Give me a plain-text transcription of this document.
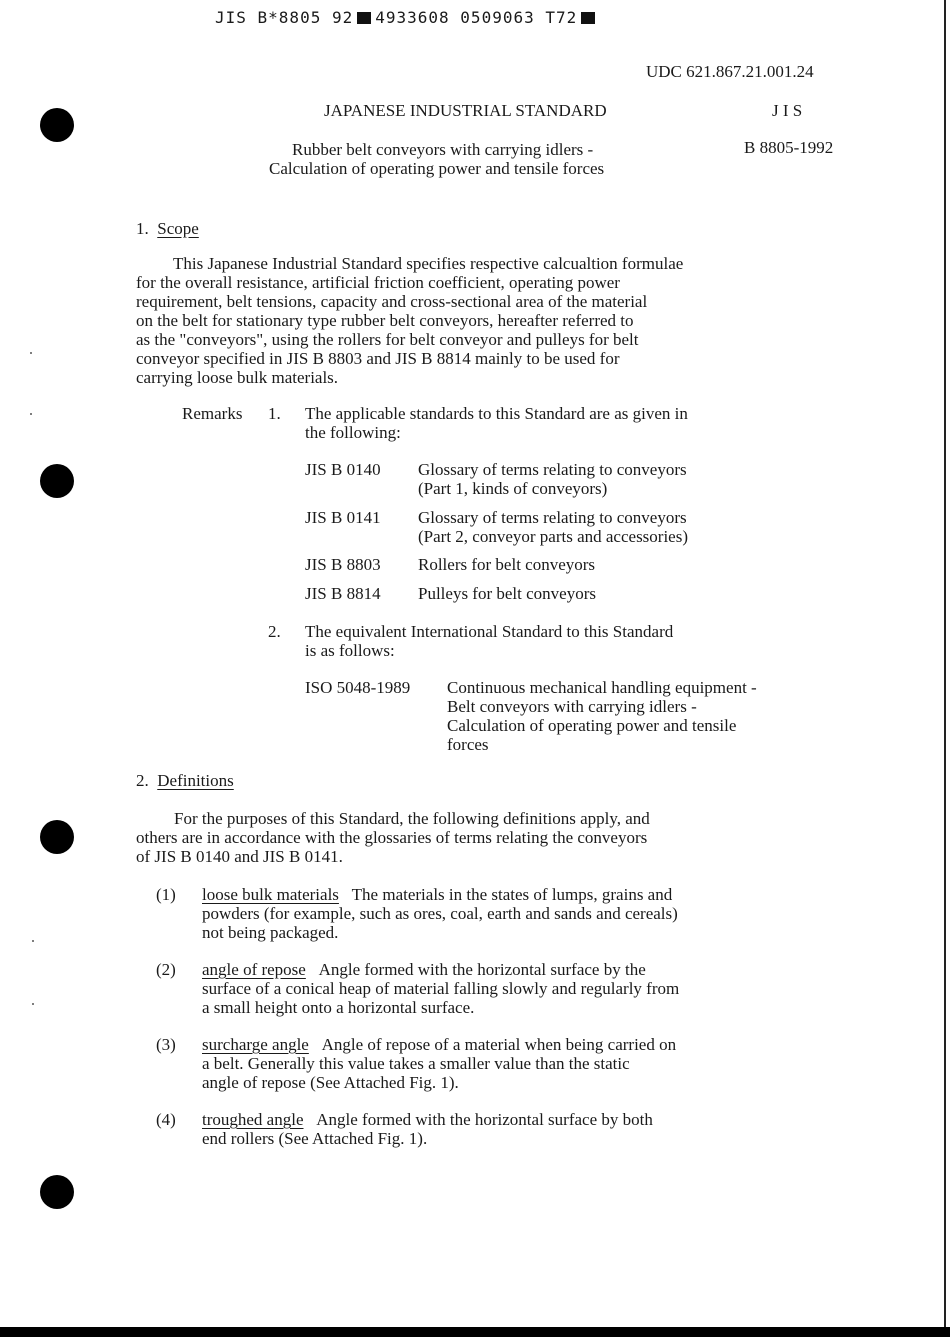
JIS B*8805 92 4933608 0509063 T72
UDC 621.867.21.001.24
JAPANESE INDUSTRIAL STANDARD	J I S
Rubber belt conveyors with carrying idlers -	B 8805-1992
Calculation of operating power and tensile forces
1. Scope
This Japanese Industrial Standard specifies respective calcualtion formulae
for the overall resistance, artificial friction coefficient, operating power
requirement, belt tensions, capacity and cross-sectional area of the material
on the belt for stationary type rubber belt conveyors, hereafter referred to
as the "conveyors", using the rollers for belt conveyor and pulleys for belt
conveyor specified in JIS B 8803 and JIS B 8814 mainly to be used for
carrying loose bulk materials.
Remarks 1. The applicable standards to this Standard are as given in
the following:
JIS B 0140 Glossary of terms relating to conveyors
(Part 1, kinds of conveyors)
JIS B 0141 Glossary of terms relating to conveyors
(Part 2, conveyor parts and accessories)
JIS B 8803 Rollers for belt conveyors
JIS B 8814 Pulleys for belt conveyors
2. The equivalent International Standard to this Standard
is as follows:
ISO 5048-1989 Continuous mechanical handling equipment -
Belt conveyors with carrying idlers -
Calculation of operating power and tensile
forces
2. Definitions
For the purposes of this Standard, the following definitions apply, and
others are in accordance with the glossaries of terms relating the conveyors
of JIS B 0140 and JIS B 0141.
(1) loose bulk materials The materials in the states of lumps, grains and
powders (for example, such as ores, coal, earth and sands and cereals)
not being packaged.
(2) angle of repose Angle formed with the horizontal surface by the
surface of a conical heap of material falling slowly and regularly from
a small height onto a horizontal surface.
(3) surcharge angle Angle of repose of a material when being carried on
a belt. Generally this value takes a smaller value than the static
angle of repose (See Attached Fig. 1).
(4) troughed angle Angle formed with the horizontal surface by both
end rollers (See Attached Fig. 1).
